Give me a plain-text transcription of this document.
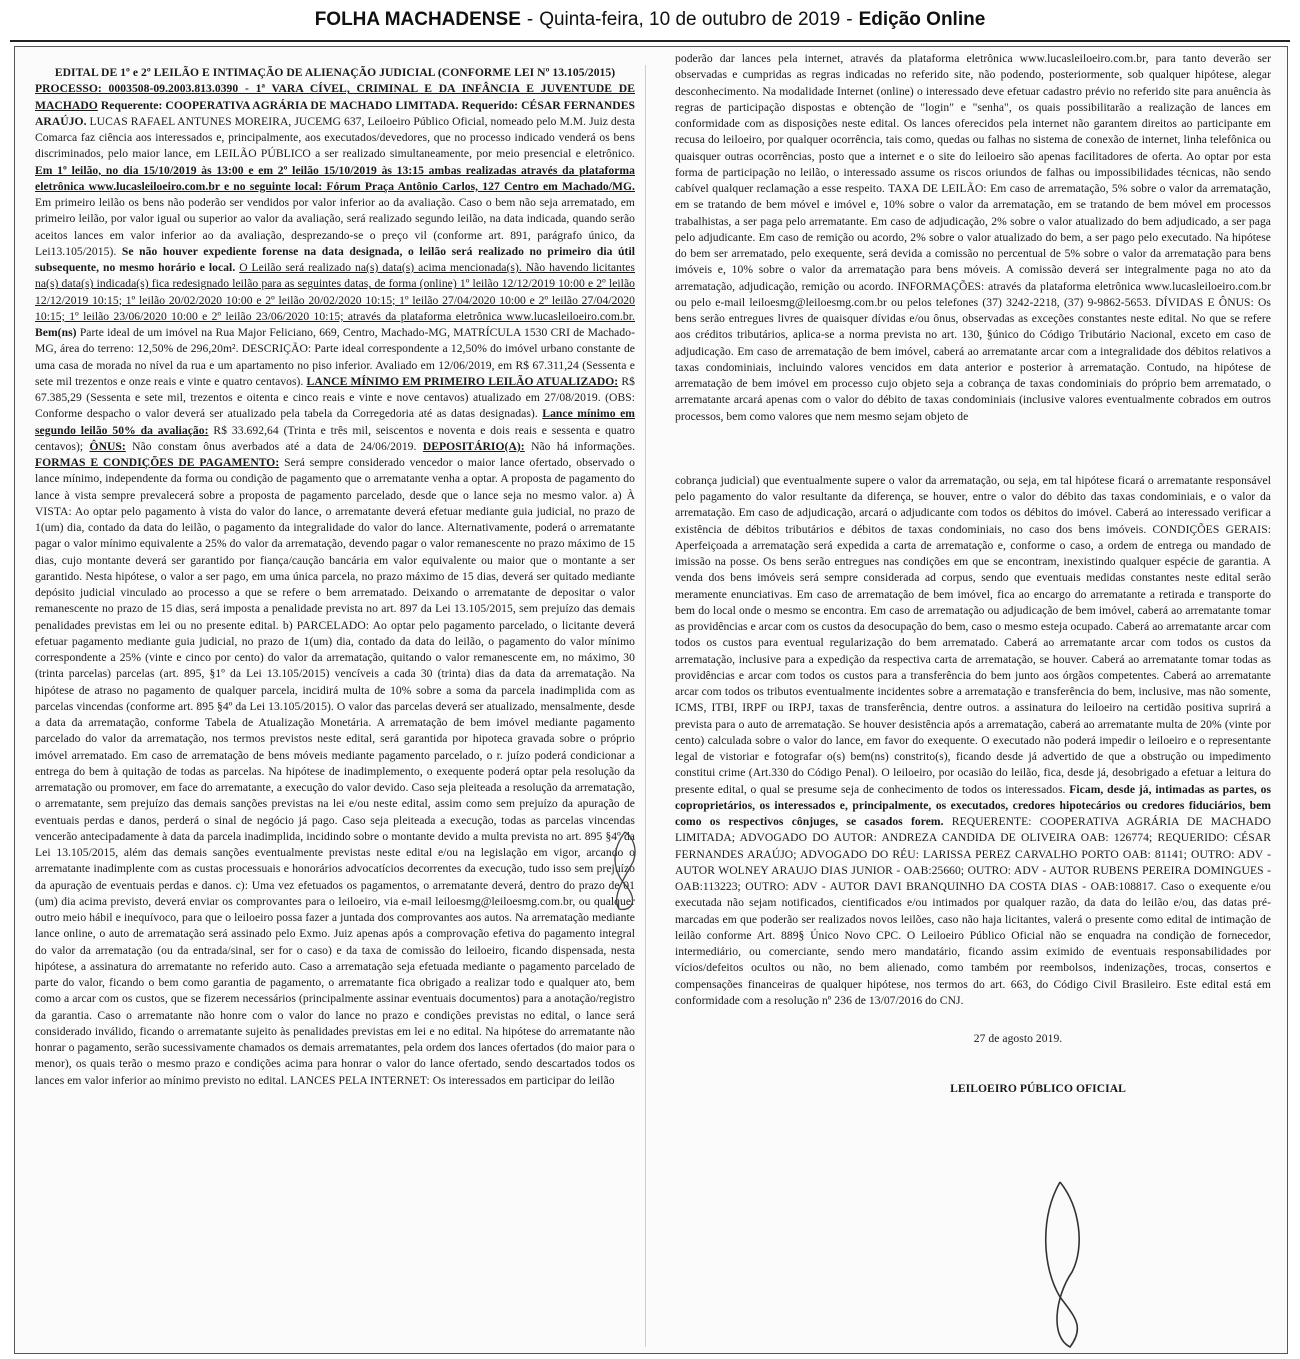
FOLHA MACHADENSE - Quinta-feira, 10 de outubro de 2019 - Edição Online

EDITAL DE 1º e 2º LEILÃO E INTIMAÇÃO DE ALIENAÇÃO JUDICIAL (CONFORME LEI Nº 13.105/2015)

PROCESSO: 0003508-09.2003.813.0390 - 1ª VARA CÍVEL, CRIMINAL E DA INFÂNCIA E JUVENTUDE DE MACHADO Requerente: COOPERATIVA AGRÁRIA DE MACHADO LIMITADA. Requerido: CÉSAR FERNANDES ARAÚJO. LUCAS RAFAEL ANTUNES MOREIRA, JUCEMG 637, Leiloeiro Público Oficial, nomeado pelo M.M. Juiz desta Comarca faz ciência aos interessados e, principalmente, aos executados/devedores, que no processo indicado venderá os bens discriminados, pelo maior lance, em LEILÃO PÚBLICO a ser realizado simultaneamente, por meio presencial e eletrônico. Em 1º leilão, no dia 15/10/2019 às 13:00 e em 2º leilão 15/10/2019 às 13:15 ambas realizadas através da plataforma eletrônica www.lucasleiloeiro.com.br e no seguinte local: Fórum Praça Antônio Carlos, 127 Centro em Machado/MG. Em primeiro leilão os bens não poderão ser vendidos por valor inferior ao da avaliação. Caso o bem não seja arrematado, em primeiro leilão, por valor igual ou superior ao valor da avaliação, será realizado segundo leilão, na data indicada, quando serão aceitos lances em valor inferior ao da avaliação, desprezando-se o preço vil (conforme art. 891, parágrafo único, da Lei13.105/2015). Se não houver expediente forense na data designada, o leilão será realizado no primeiro dia útil subsequente, no mesmo horário e local. O Leilão será realizado na(s) data(s) acima mencionada(s). Não havendo licitantes na(s) data(s) indicada(s) fica redesignado leilão para as seguintes datas, de forma (online) 1º leilão 12/12/2019 10:00 e 2º leilão 12/12/2019 10:15; 1º leilão 20/02/2020 10:00 e 2º leilão 20/02/2020 10:15; 1º leilão 27/04/2020 10:00 e 2º leilão 27/04/2020 10:15; 1º leilão 23/06/2020 10:00 e 2º leilão 23/06/2020 10:15; através da plataforma eletrônica www.lucasleiloeiro.com.br. Bem(ns) Parte ideal de um imóvel na Rua Major Feliciano, 669, Centro, Machado-MG, MATRÍCULA 1530 CRI de Machado- MG, área do terreno: 12,50% de 296,20m². DESCRIÇÃO: Parte ideal correspondente a 12,50% do imóvel urbano constante de uma casa de morada no nível da rua e um apartamento no piso inferior. Avaliado em 12/06/2019, em R$ 67.311,24 (Sessenta e sete mil trezentos e onze reais e vinte e quatro centavos). LANCE MÍNIMO EM PRIMEIRO LEILÃO ATUALIZADO: R$ 67.385,29 (Sessenta e sete mil, trezentos e oitenta e cinco reais e vinte e nove centavos) atualizado em 27/08/2019. (OBS: Conforme despacho o valor deverá ser atualizado pela tabela da Corregedoria até as datas designadas). Lance mínimo em segundo leilão 50% da avaliação: R$ 33.692,64 (Trinta e três mil, seiscentos e noventa e dois reais e sessenta e quatro centavos); ÔNUS: Não constam ônus averbados até a data de 24/06/2019. DEPOSITÁRIO(A): Não há informações. FORMAS E CONDIÇÕES DE PAGAMENTO: Será sempre considerado vencedor o maior lance ofertado, observado o lance mínimo, independente da forma ou condição de pagamento que o arrematante venha a optar. A proposta de pagamento do lance à vista sempre prevalecerá sobre a proposta de pagamento parcelado, desde que o lance seja no mesmo valor. a) À VISTA: Ao optar pelo pagamento à vista do valor do lance, o arrematante deverá efetuar mediante guia judicial, no prazo de 1(um) dia, contado da data do leilão, o pagamento da integralidade do valor do lance. Alternativamente, poderá o arrematante pagar o valor mínimo equivalente a 25% do valor da arrematação, devendo pagar o valor remanescente no prazo máximo de 15 dias, cujo montante deverá ser garantido por fiança/caução bancária em valor equivalente ou maior que o montante a ser garantido. Nesta hipótese, o valor a ser pago, em uma única parcela, no prazo máximo de 15 dias, deverá ser quitado mediante depósito judicial vinculado ao processo a que se refere o bem arrematado. Deixando o arrematante de depositar o valor remanescente no prazo de 15 dias, será imposta a penalidade prevista no art. 897 da Lei 13.105/2015, sem prejuízo das demais penalidades previstas em lei ou no presente edital. b) PARCELADO: Ao optar pelo pagamento parcelado, o licitante deverá efetuar pagamento mediante guia judicial, no prazo de 1(um) dia, contado da data do leilão, o pagamento do valor mínimo correspondente a 25% (vinte e cinco por cento) do valor da arrematação, quitando o valor remanescente em, no máximo, 30 (trinta parcelas) parcelas (art. 895, §1º da Lei 13.105/2015) vencíveis a cada 30 (trinta) dias da data da arrematação. Na hipótese de atraso no pagamento de qualquer parcela, incidirá multa de 10% sobre a soma da parcela inadimplida com as parcelas vincendas (conforme art. 895 §4º da Lei 13.105/2015). O valor das parcelas deverá ser atualizado, mensalmente, desde a data da arrematação, conforme Tabela de Atualização Monetária. A arrematação de bem imóvel mediante pagamento parcelado do valor da arrematação, nos termos previstos neste edital, será garantida por hipoteca gravada sobre o próprio imóvel arrematado. Em caso de arrematação de bens móveis mediante pagamento parcelado, o r. juízo poderá condicionar a entrega do bem à quitação de todas as parcelas. Na hipótese de inadimplemento, o exequente poderá optar pela resolução da arrematação ou promover, em face do arrematante, a execução do valor devido. Caso seja pleiteada a resolução da arrematação, o arrematante, sem prejuízo das demais sanções previstas na lei e/ou neste edital, assim como sem prejuízo da apuração de eventuais perdas e danos, perderá o sinal de negócio já pago. Caso seja pleiteada a execução, todas as parcelas vincendas vencerão antecipadamente à data da parcela inadimplida, incidindo sobre o montante devido a multa prevista no art. 895 §4º da Lei 13.105/2015, além das demais sanções eventualmente previstas neste edital e/ou na legislação em vigor, arcando o arrematante inadimplente com as custas processuais e honorários advocatícios decorrentes da execução, tudo isso sem prejuízo da apuração de eventuais perdas e danos. c): Uma vez efetuados os pagamentos, o arrematante deverá, dentro do prazo de 01 (um) dia acima previsto, deverá enviar os comprovantes para o leiloeiro, via e-mail leiloesmg@leiloesmg.com.br, ou qualquer outro meio hábil e inequívoco, para que o leiloeiro possa fazer a juntada dos comprovantes aos autos. Na arrematação mediante lance online, o auto de arrematação será assinado pelo Exmo. Juiz apenas após a comprovação efetiva do pagamento integral do valor da arrematação (ou da entrada/sinal, ser for o caso) e da taxa de comissão do leiloeiro, ficando dispensada, nesta hipótese, a assinatura do arrematante no referido auto. Caso a arrematação seja efetuada mediante o pagamento parcelado de parte do valor, ficando o bem como garantia de pagamento, o arrematante fica obrigado a realizar todo e qualquer ato, bem como a arcar com os custos, que se fizerem necessários (principalmente assinar eventuais documentos) para a anotação/registro da garantia. Caso o arrematante não honre com o valor do lance no prazo e condições previstas no edital, o lance será considerado inválido, ficando o arrematante sujeito às penalidades previstas em lei e no edital. Na hipótese do arrematante não honrar o pagamento, serão sucessivamente chamados os demais arrematantes, pela ordem dos lances ofertados (do maior para o menor), os quais terão o mesmo prazo e condições acima para honrar o valor do lance ofertado, sendo descartados todos os lances em valor inferior ao mínimo previsto no edital. LANCES PELA INTERNET: Os interessados em participar do leilão

poderão dar lances pela internet, através da plataforma eletrônica www.lucasleiloeiro.com.br, para tanto deverão ser observadas e cumpridas as regras indicadas no referido site, não podendo, posteriormente, sob qualquer hipótese, alegar desconhecimento. Na modalidade Internet (online) o interessado deve efetuar cadastro prévio no referido site para anuência às regras de participação dispostas e obtenção de "login" e "senha", os quais possibilitarão a realização de lances em conformidade com as disposições neste edital. Os lances oferecidos pela internet não garantem direitos ao participante em recusa do leiloeiro, por qualquer ocorrência, tais como, quedas ou falhas no sistema de conexão de internet, linha telefônica ou quaisquer outras ocorrências, posto que a internet e o site do leiloeiro são apenas facilitadores de oferta. Ao optar por esta forma de participação no leilão, o interessado assume os riscos oriundos de falhas ou impossibilidades técnicas, não sendo cabível qualquer reclamação a esse respeito. TAXA DE LEILÃO: Em caso de arrematação, 5% sobre o valor da arrematação, em se tratando de bem móvel e imóvel e, 10% sobre o valor da arrematação, em se tratando de bem móvel em processos trabalhistas, a ser paga pelo arrematante. Em caso de adjudicação, 2% sobre o valor atualizado do bem adjudicado, a ser paga pelo adjudicante. Em caso de remição ou acordo, 2% sobre o valor atualizado do bem, a ser pago pelo executado. Na hipótese do bem ser arrematado, pelo exequente, será devida a comissão no percentual de 5% sobre o valor da arrematação para bens imóveis e, 10% sobre o valor da arrematação para bens móveis. A comissão deverá ser integralmente paga no ato da arrematação, adjudicação, remição ou acordo. INFORMAÇÕES: através da plataforma eletrônica www.lucasleiloeiro.com.br ou pelo e-mail leiloesmg@leiloesmg.com.br ou pelos telefones (37) 3242-2218, (37) 9-9862-5653. DÍVIDAS E ÔNUS: Os bens serão entregues livres de quaisquer dívidas e/ou ônus, observadas as exceções constantes neste edital. No que se refere aos créditos tributários, aplica-se a norma prevista no art. 130, §único do Código Tributário Nacional, exceto em caso de adjudicação. Em caso de arrematação de bem imóvel, caberá ao arrematante arcar com a integralidade dos débitos relativos a taxas condominiais, incluindo valores vencidos em data anterior e posterior à arrematação. Contudo, na hipótese de arrematação de bem imóvel em processo cujo objeto seja a cobrança de taxas condominiais do próprio bem arrematado, o arrematante arcará apenas com o valor do débito de taxas condominiais (inclusive valores eventualmente cobrados em outros processos, bem como valores que nem mesmo sejam objeto de

cobrança judicial) que eventualmente supere o valor da arrematação, ou seja, em tal hipótese ficará o arrematante responsável pelo pagamento do valor resultante da diferença, se houver, entre o valor do débito das taxas condominiais, e o valor da arrematação. Em caso de adjudicação, arcará o adjudicante com todos os débitos do imóvel. Caberá ao interessado verificar a existência de débitos tributários e débitos de taxas condominiais, no caso dos bens imóveis. CONDIÇÕES GERAIS: Aperfeiçoada a arrematação será expedida a carta de arrematação e, conforme o caso, a ordem de entrega ou mandado de imissão na posse. Os bens serão entregues nas condições em que se encontram, inexistindo qualquer espécie de garantia. A venda dos bens imóveis será sempre considerada ad corpus, sendo que eventuais medidas constantes neste edital serão meramente enunciativas. Em caso de arrematação de bem imóvel, fica ao encargo do arrematante a retirada e transporte do bem do local onde o mesmo se encontra. Em caso de arrematação ou adjudicação de bem imóvel, caberá ao arrematante tomar as providências e arcar com os custos da desocupação do bem, caso o mesmo esteja ocupado. Caberá ao arrematante arcar com todos os custos para eventual regularização do bem arrematado. Caberá ao arrematante arcar com todos os custos da arrematação, inclusive para a expedição da respectiva carta de arrematação, se houver. Caberá ao arrematante tomar todas as providências e arcar com todos os custos para a transferência do bem junto aos órgãos competentes. Caberá ao arrematante arcar com todos os tributos eventualmente incidentes sobre a arrematação e transferência do bem, inclusive, mas não somente, ICMS, ITBI, IRPF ou IRPJ, taxas de transferência, dentre outros. a assinatura do leiloeiro na certidão positiva suprirá a prevista para o auto de arrematação. Se houver desistência após a arrematação, caberá ao arrematante multa de 20% (vinte por cento) calculada sobre o valor do lance, em favor do exequente. O executado não poderá impedir o leiloeiro e o representante legal de vistoriar e fotografar o(s) bem(ns) constrito(s), ficando desde já advertido de que a obstrução ou impedimento constitui crime (Art.330 do Código Penal). O leiloeiro, por ocasião do leilão, fica, desde já, desobrigado a efetuar a leitura do presente edital, o qual se presume seja de conhecimento de todos os interessados. Ficam, desde já, intimadas as partes, os coproprietários, os interessados e, principalmente, os executados, credores hipotecários ou credores fiduciários, bem como os respectivos cônjuges, se casados forem. REQUERENTE: COOPERATIVA AGRÁRIA DE MACHADO LIMITADA; ADVOGADO DO AUTOR: ANDREZA CANDIDA DE OLIVEIRA OAB: 126774; REQUERIDO: CÉSAR FERNANDES ARAÚJO; ADVOGADO DO RÉU: LARISSA PEREZ CARVALHO PORTO OAB: 81141; OUTRO: ADV - AUTOR WOLNEY ARAUJO DIAS JUNIOR - OAB:25660; OUTRO: ADV - AUTOR RUBENS PEREIRA DOMINGUES - OAB:113223; OUTRO: ADV - AUTOR DAVI BRANQUINHO DA COSTA DIAS - OAB:108817. Caso o exequente e/ou executada não sejam notificados, cientificados e/ou intimados por qualquer razão, da data do leilão e/ou, das datas pré-marcadas em que poderão ser realizados novos leilões, caso não haja licitantes, valerá o presente como edital de intimação de leilão conforme Art. 889§ Único Novo CPC. O Leiloeiro Público Oficial não se enquadra na condição de fornecedor, intermediário, ou comerciante, sendo mero mandatário, ficando assim eximido de eventuais responsabilidades por vícios/defeitos ocultos ou não, no bem alienado, como também por reembolsos, indenizações, trocas, consertos e compensações financeiras de qualquer hipótese, nos termos do art. 663, do Código Civil Brasileiro. Este edital está em conformidade com a resolução nº 236 de 13/07/2016 do CNJ.

27 de agosto 2019.

LEILOEIRO PÚBLICO OFICIAL
